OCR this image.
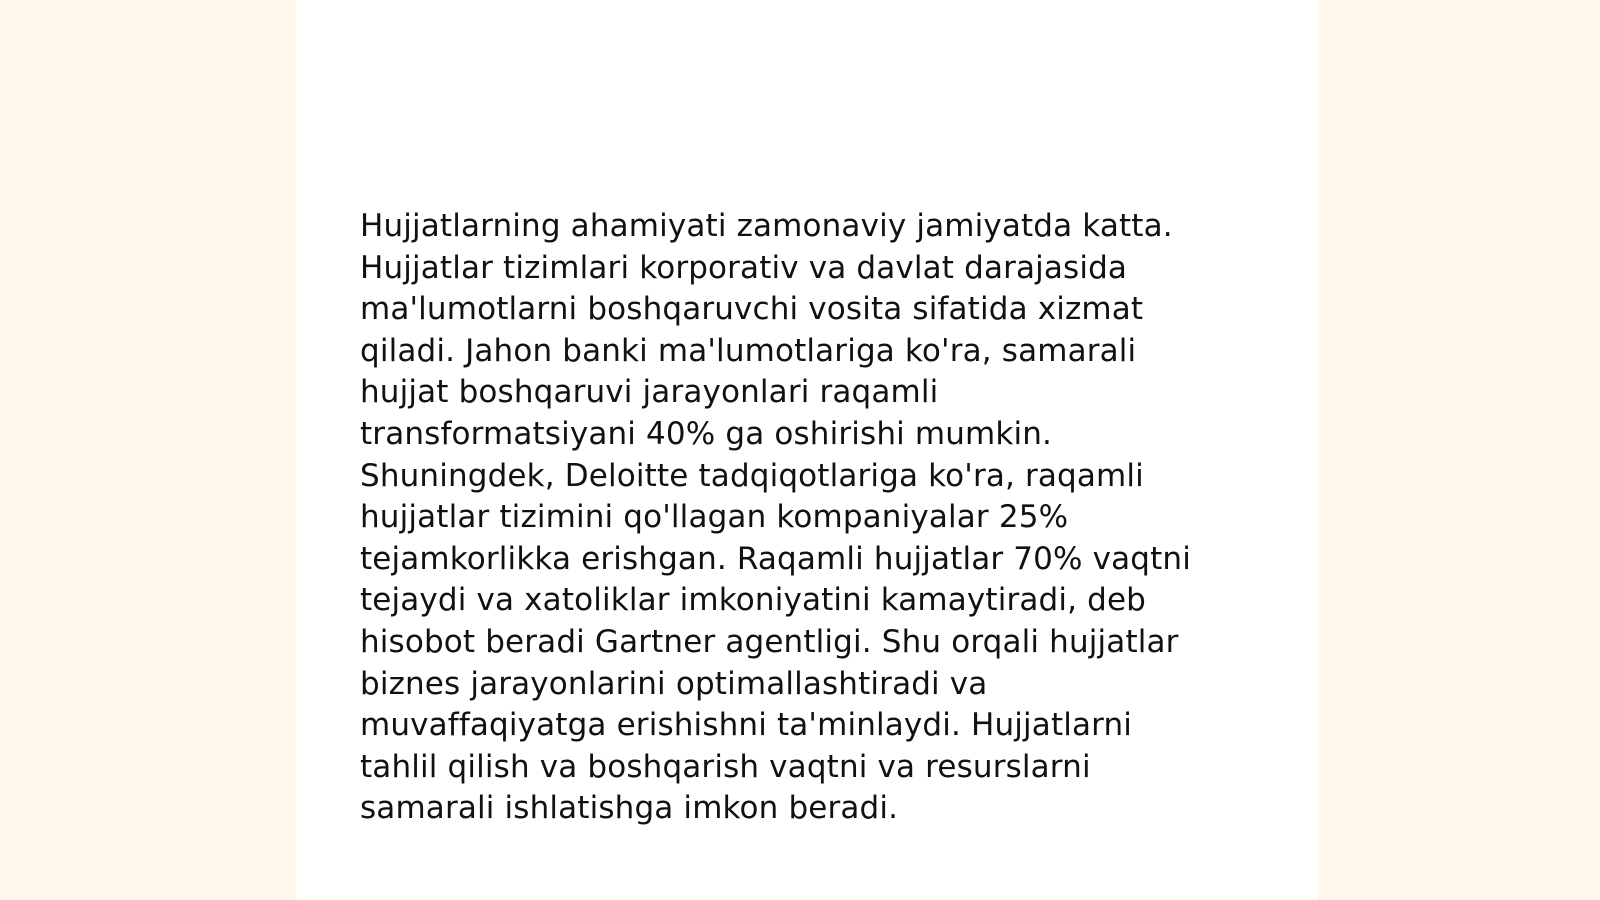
Hujjatlarning ahamiyati zamonaviy jamiyatda katta.
Hujjatlar tizimlari korporativ va davlat darajasida
ma'lumotlarni boshqaruvchi vosita sifatida xizmat
qiladi. Jahon banki ma'lumotlariga ko'ra, samarali
hujjat boshqaruvi jarayonlari raqamli
transformatsiyani 40% ga oshirishi mumkin.
Shuningdek, Deloitte tadqiqotlariga ko'ra, raqamli
hujjatlar tizimini qo'llagan kompaniyalar 25%
tejamkorlikka erishgan. Raqamli hujjatlar 70% vaqtni
tejaydi va xatoliklar imkoniyatini kamaytiradi, deb
hisobot beradi Gartner agentligi. Shu orqali hujjatlar
biznes jarayonlarini optimallashtiradi va
muvaffaqiyatga erishishni ta'minlaydi. Hujjatlarni
tahlil qilish va boshqarish vaqtni va resurslarni
samarali ishlatishga imkon beradi.
